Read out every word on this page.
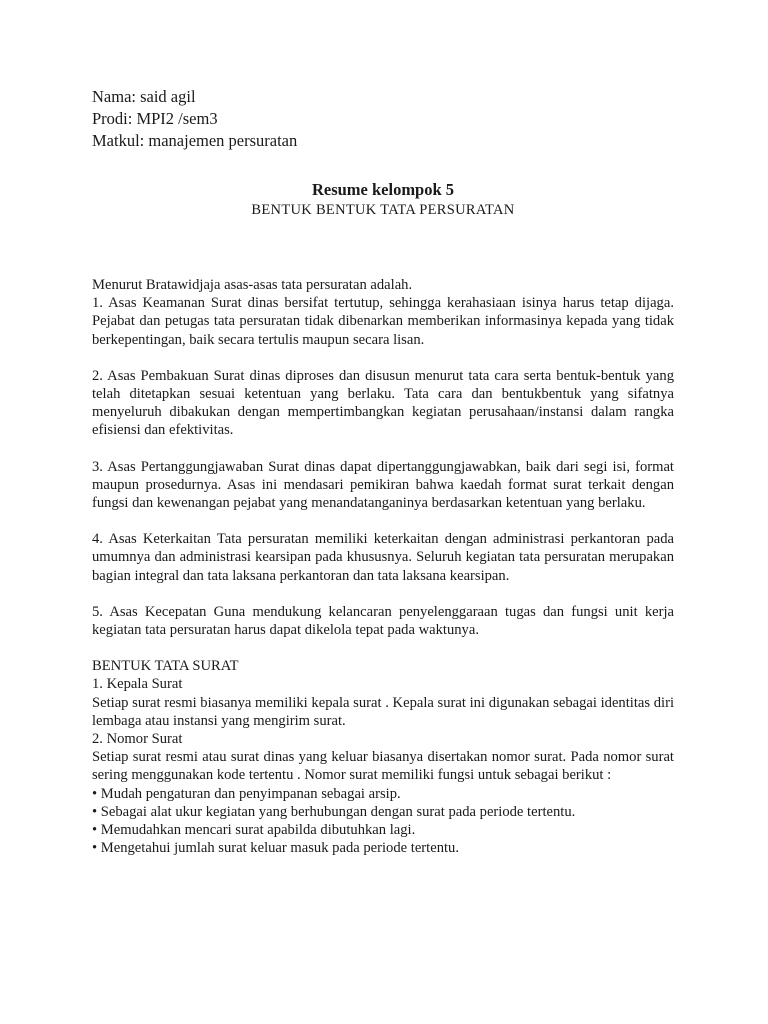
Nama: said agil

Prodi: MPI2 /sem3

Matkul: manajemen persuratan

Resume kelompok 5

BENTUK BENTUK TATA PERSURATAN

Menurut Bratawidjaja asas-asas tata persuratan adalah.

1. Asas Keamanan Surat dinas bersifat tertutup, sehingga kerahasiaan isinya harus tetap dijaga. Pejabat dan petugas tata persuratan tidak dibenarkan memberikan informasinya kepada yang tidak berkepentingan, baik secara tertulis maupun secara lisan.

2. Asas Pembakuan Surat dinas diproses dan disusun menurut tata cara serta bentuk-bentuk yang telah ditetapkan sesuai ketentuan yang berlaku. Tata cara dan bentukbentuk yang sifatnya menyeluruh dibakukan dengan mempertimbangkan kegiatan perusahaan/instansi dalam rangka efisiensi dan efektivitas.

3. Asas Pertanggungjawaban Surat dinas dapat dipertanggungjawabkan, baik dari segi isi, format maupun prosedurnya. Asas ini mendasari pemikiran bahwa kaedah format surat terkait dengan fungsi dan kewenangan pejabat yang menandatanganinya berdasarkan ketentuan yang berlaku.

4. Asas Keterkaitan Tata persuratan memiliki keterkaitan dengan administrasi perkantoran pada umumnya dan administrasi kearsipan pada khususnya. Seluruh kegiatan tata persuratan merupakan bagian integral dan tata laksana perkantoran dan tata laksana kearsipan.

5. Asas Kecepatan Guna mendukung kelancaran penyelenggaraan tugas dan fungsi unit kerja kegiatan tata persuratan harus dapat dikelola tepat pada waktunya.

BENTUK TATA SURAT

1. Kepala Surat

Setiap surat resmi biasanya memiliki kepala surat . Kepala surat ini digunakan sebagai identitas diri lembaga atau instansi yang mengirim surat.

2. Nomor Surat

Setiap surat resmi atau surat dinas yang keluar biasanya disertakan nomor surat. Pada nomor surat sering menggunakan kode tertentu . Nomor surat memiliki fungsi untuk sebagai berikut :

• Mudah pengaturan dan penyimpanan sebagai arsip.
• Sebagai alat ukur kegiatan yang berhubungan dengan surat pada periode tertentu.
• Memudahkan mencari surat apabilda dibutuhkan lagi.
• Mengetahui jumlah surat keluar masuk pada periode tertentu.
